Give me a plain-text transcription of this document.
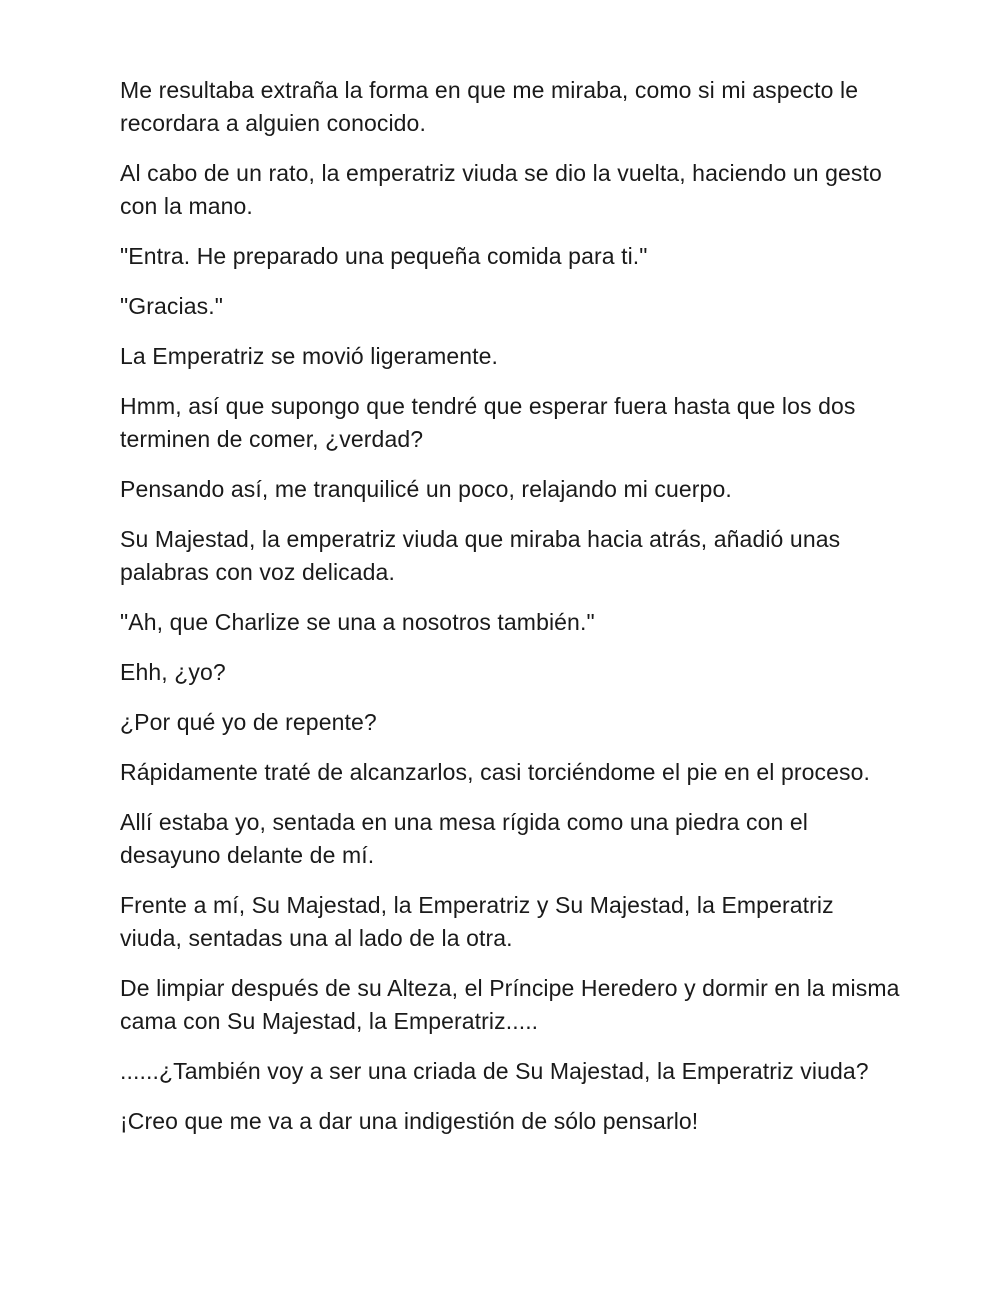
Me resultaba extraña la forma en que me miraba, como si mi aspecto le recordara a alguien conocido.

Al cabo de un rato, la emperatriz viuda se dio la vuelta, haciendo un gesto con la mano.

"Entra. He preparado una pequeña comida para ti."

"Gracias."

La Emperatriz se movió ligeramente.

Hmm, así que supongo que tendré que esperar fuera hasta que los dos terminen de comer, ¿verdad?

Pensando así, me tranquilicé un poco, relajando mi cuerpo.

Su Majestad, la emperatriz viuda que miraba hacia atrás, añadió unas palabras con voz delicada.

"Ah, que Charlize se una a nosotros también."

Ehh, ¿yo?

¿Por qué yo de repente?

Rápidamente traté de alcanzarlos, casi torciéndome el pie en el proceso.

Allí estaba yo, sentada en una mesa rígida como una piedra con el desayuno delante de mí.

Frente a mí, Su Majestad, la Emperatriz y Su Majestad, la Emperatriz viuda, sentadas una al lado de la otra.

De limpiar después de su Alteza, el Príncipe Heredero y dormir en la misma cama con Su Majestad, la Emperatriz.....

......¿También voy a ser una criada de Su Majestad, la Emperatriz viuda?

¡Creo que me va a dar una indigestión de sólo pensarlo!
